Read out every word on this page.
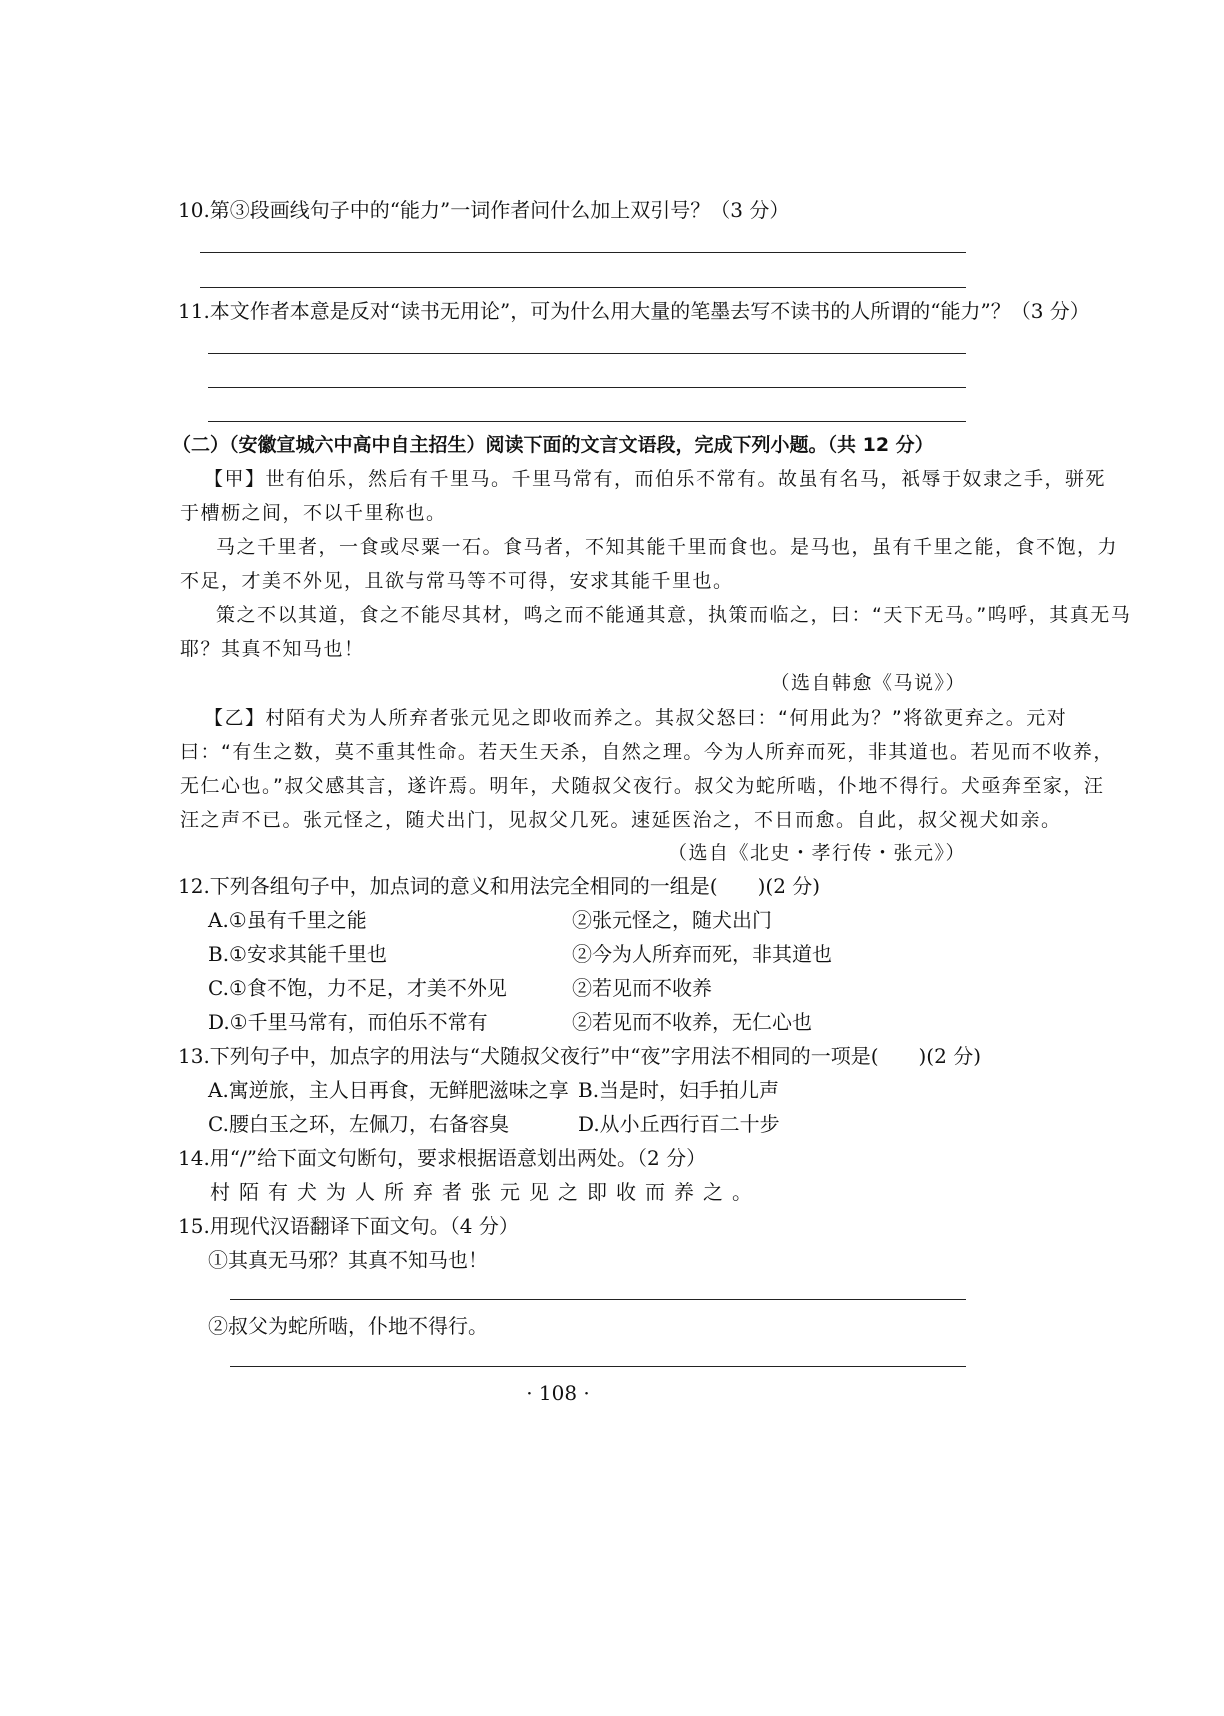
10.第③段画线句子中的“能力”一词作者问什么加上双引号？（3 分）
11.本文作者本意是反对“读书无用论”，可为什么用大量的笔墨去写不读书的人所谓的“能力”？（3 分）
（二）（安徽宣城六中高中自主招生）阅读下面的文言文语段，完成下列小题。（共 12 分）
【甲】世有伯乐，然后有千里马。千里马常有，而伯乐不常有。故虽有名马，祇辱于奴隶之手，骈死
于槽枥之间，不以千里称也。
马之千里者，一食或尽粟一石。食马者，不知其能千里而食也。是马也，虽有千里之能，食不饱，力
不足，才美不外见，且欲与常马等不可得，安求其能千里也。
策之不以其道，食之不能尽其材，鸣之而不能通其意，执策而临之，曰：“天下无马。”呜呼，其真无马
耶？其真不知马也！
（选自韩愈《马说》）
【乙】村陌有犬为人所弃者张元见之即收而养之。其叔父怒曰：“何用此为？”将欲更弃之。元对
曰：“有生之数，莫不重其性命。若天生天杀，自然之理。今为人所弃而死，非其道也。若见而不收养，
无仁心也。”叔父感其言，遂许焉。明年，犬随叔父夜行。叔父为蛇所啮，仆地不得行。犬亟奔至家，汪
汪之声不已。张元怪之，随犬出门，见叔父几死。速延医治之，不日而愈。自此，叔父视犬如亲。
（选自《北史・孝行传・张元》）
12.下列各组句子中，加点词的意义和用法完全相同的一组是(　　)(2 分)
A.①虽有千里之能	②张元怪之，随犬出门
B.①安求其能千里也	②今为人所弃而死，非其道也
C.①食不饱，力不足，才美不外见	②若见而不收养
D.①千里马常有，而伯乐不常有	②若见而不收养，无仁心也
13.下列句子中，加点字的用法与“犬随叔父夜行”中“夜”字用法不相同的一项是(　　)(2 分)
A.寓逆旅，主人日再食，无鲜肥滋味之享 B.当是时，妇手拍儿声
C.腰白玉之环，左佩刀，右备容臭	D.从小丘西行百二十步
14.用“/”给下面文句断句，要求根据语意划出两处。（2 分）
村陌有犬为人所弃者张元见之即收而养之。
15.用现代汉语翻译下面文句。（4 分）
①其真无马邪？其真不知马也！
②叔父为蛇所啮，仆地不得行。
· 108 ·
